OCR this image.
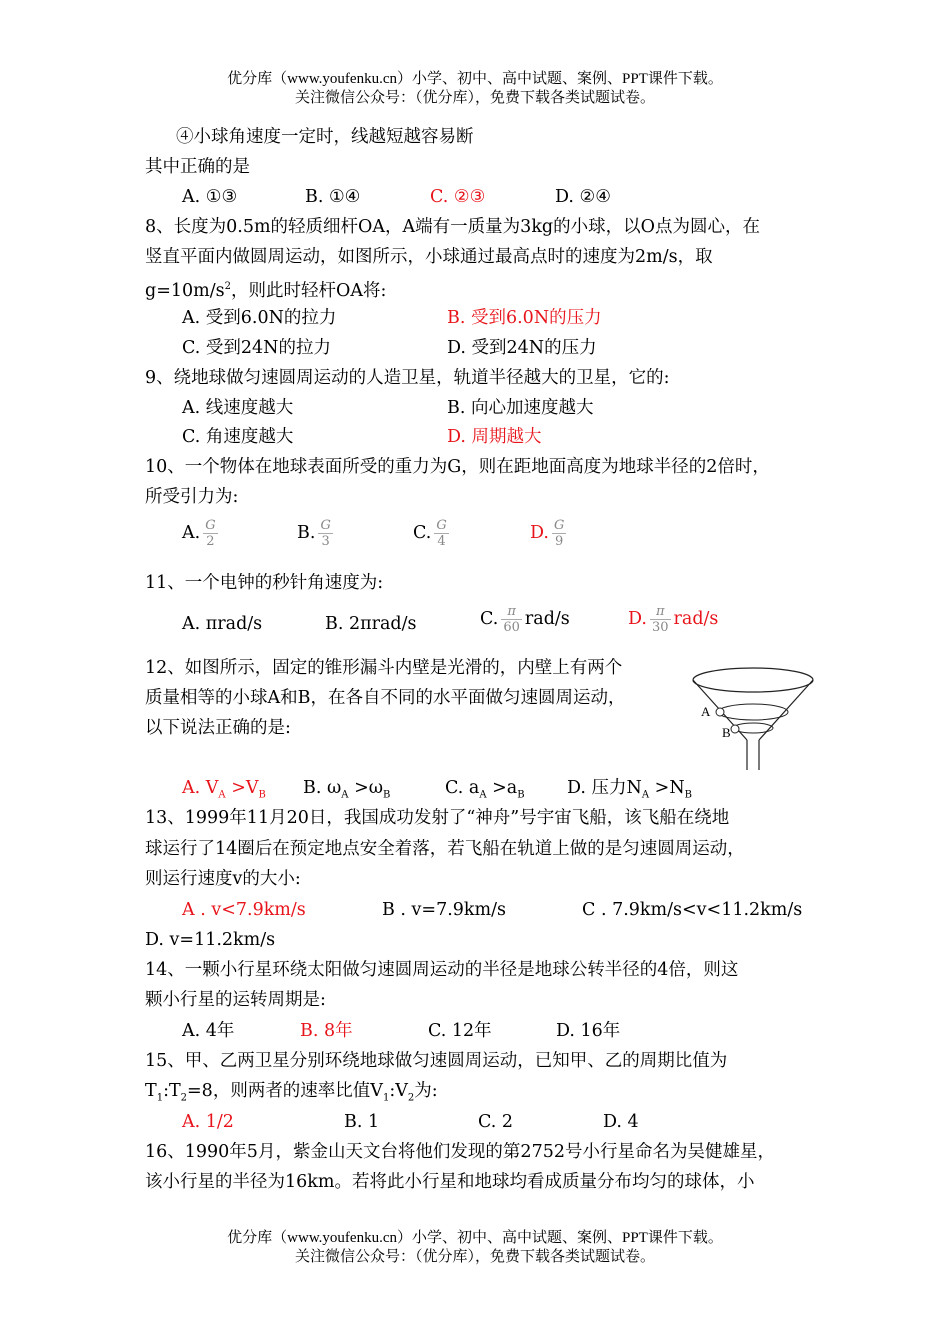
优分库（www.youfenku.cn）小学、初中、高中试题、案例、PPT课件下载。
关注微信公众号：（优分库），免费下载各类试题试卷。
④小球角速度一定时，线越短越容易断
其中正确的是
A. ①③	B. ①④	C. ②③	D. ②④
8、长度为0.5m的轻质细杆OA，A端有一质量为3kg的小球，以O点为圆心，在
竖直平面内做圆周运动，如图所示，小球通过最高点时的速度为2m/s，取
$g=10m/s^2$，则此时轻杆OA将:
A. 受到6.0N的拉力	B. 受到6.0N的压力
C. 受到24N的拉力	D. 受到24N的压力
9、绕地球做匀速圆周运动的人造卫星，轨道半径越大的卫星，它的:
A. 线速度越大	B. 向心加速度越大
C. 角速度越大	D. 周期越大
10、一个物体在地球表面所受的重力为G，则在距地面高度为地球半径的2倍时，
所受引力为:
A. $\frac{G}{2}$	B. $\frac{G}{3}$	C. $\frac{G}{4}$	D. $\frac{G}{9}$
11、一个电钟的秒针角速度为:
A. πrad/s	B. 2πrad/s	C. $\frac{\pi}{60} rad/s$	D. $\frac{\pi}{30} rad/s$
12、如图所示，固定的锥形漏斗内壁是光滑的，内壁上有两个
质量相等的小球A和B，在各自不同的水平面做匀速圆周运动，
以下说法正确的是:
A
B
A. $V_A >V_B$ B. $\omega_A >\omega_B$	C. $a_A >a_B$ D. 压力$N_A >N_B$
13、1999年11月20日，我国成功发射了“神舟”号宇宙飞船，该飞船在绕地
球运行了14圈后在预定地点安全着落，若飞船在轨道上做的是匀速圆周运动，
则运行速度v的大小:
A . v<7.9km/s	B . v=7.9km/s	C . 7.9km/s<v<11.2km/s
D. v=11.2km/s
14、一颗小行星环绕太阳做匀速圆周运动的半径是地球公转半径的4倍，则这
颗小行星的运转周期是:
A. 4年	B. 8年	C. 12年	D. 16年
15、甲、乙两卫星分别环绕地球做匀速圆周运动，已知甲、乙的周期比值为
$T_1:T_2=8$，则两者的速率比值$V_1:V_2$为:
A. 1/2	B. 1	C. 2	D. 4
16、1990年5月，紫金山天文台将他们发现的第2752号小行星命名为吴健雄星，
该小行星的半径为16km。若将此小行星和地球均看成质量分布均匀的球体，小
优分库（www.youfenku.cn）小学、初中、高中试题、案例、PPT课件下载。
关注微信公众号：（优分库），免费下载各类试题试卷。
